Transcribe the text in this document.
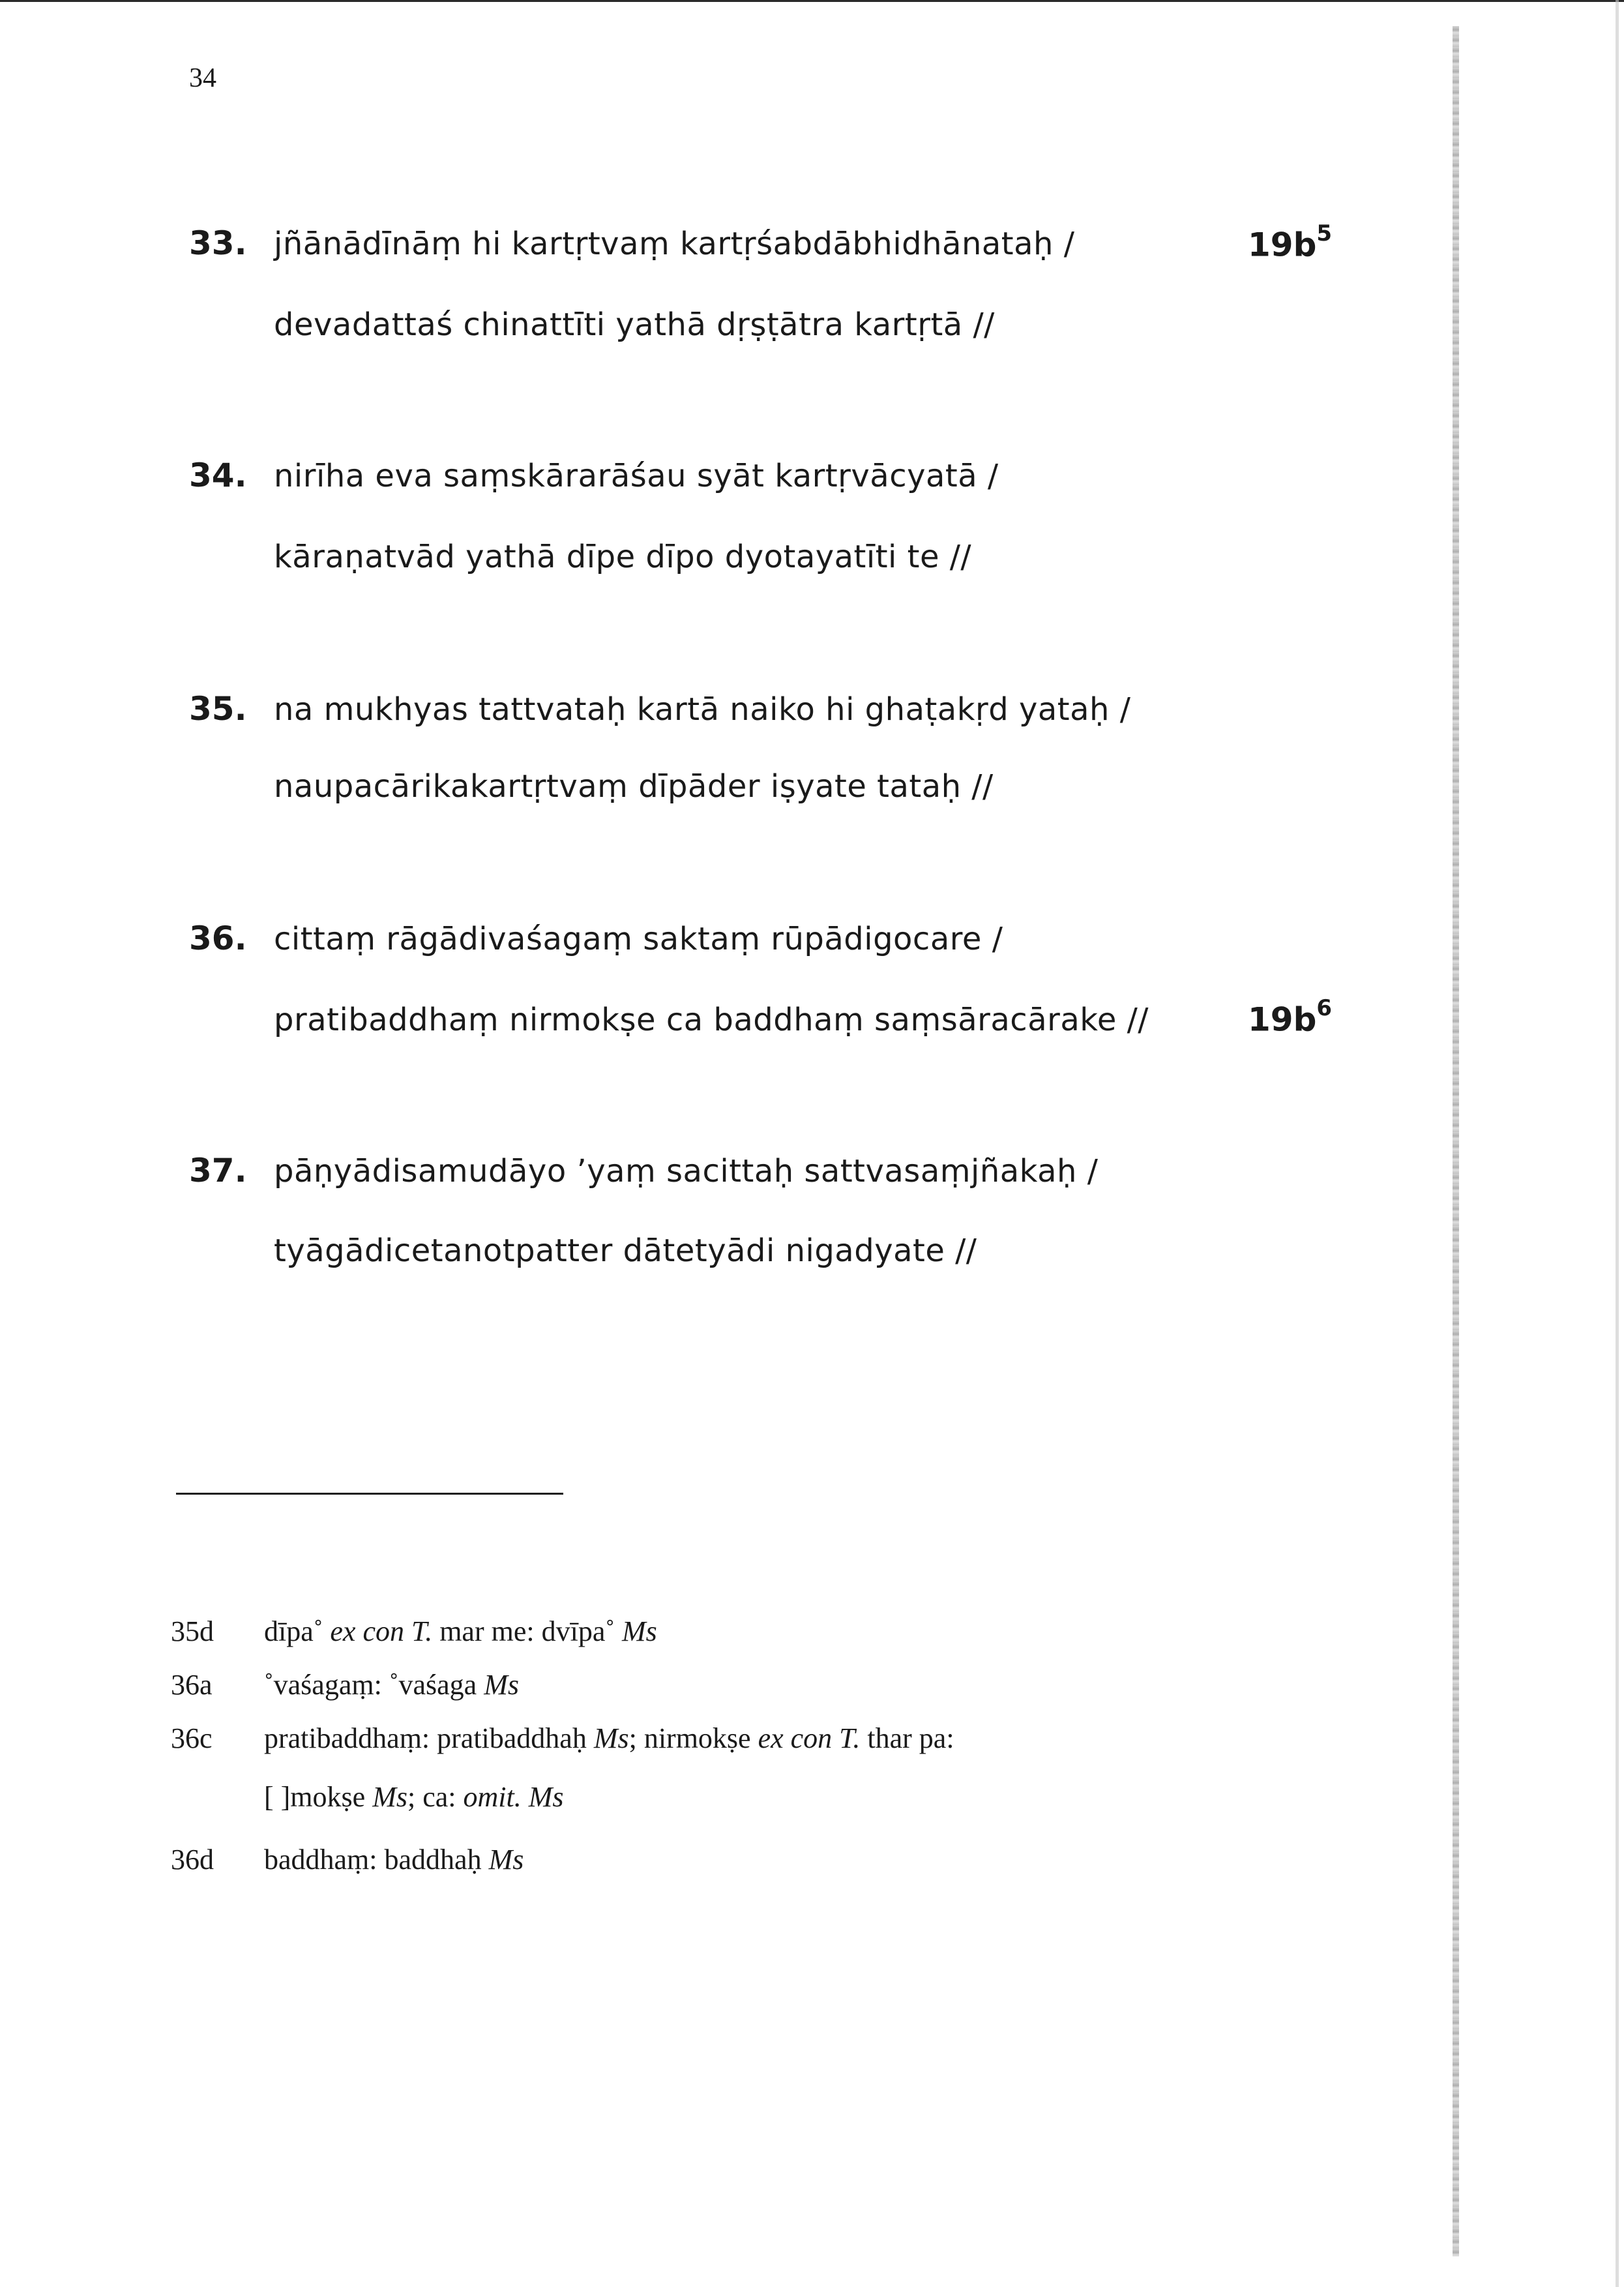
34
33. jñānādīnāṃ hi kartṛtvaṃ kartṛśabdābhidhānataḥ /
devadattaś chinattīti yathā dṛṣṭātra kartṛtā //
$19b^5$
34. nirīha eva saṃskārarāśau syāt kartṛvācyatā /
kāraṇatvād yathā dīpe dīpo dyotayatīti te //
35. na mukhyas tattvataḥ kartā naiko hi ghaṭakṛd yataḥ /
naupacārikakartṛtvaṃ dīpāder iṣyate tataḥ //
36. cittaṃ rāgādivaśagaṃ saktaṃ rūpādigocare /
pratibaddhaṃ nirmokṣe ca baddhaṃ saṃsāracārake //	$19b^6$
37. pāṇyādisamudāyo ’yaṃ sacittaḥ sattvasaṃjñakaḥ /
tyāgādicetanotpatter dātetyādi nigadyate //
35d dīpa˚ ex con T. mar me: dvīpa˚ Ms
36a ˚vaśagaṃ: ˚vaśaga Ms
36c pratibaddhaṃ: pratibaddhaḥ Ms; nirmokṣe ex con T. thar pa:
[ ]mokṣe Ms; ca: omit. Ms
36d baddhaṃ: baddhaḥ Ms
